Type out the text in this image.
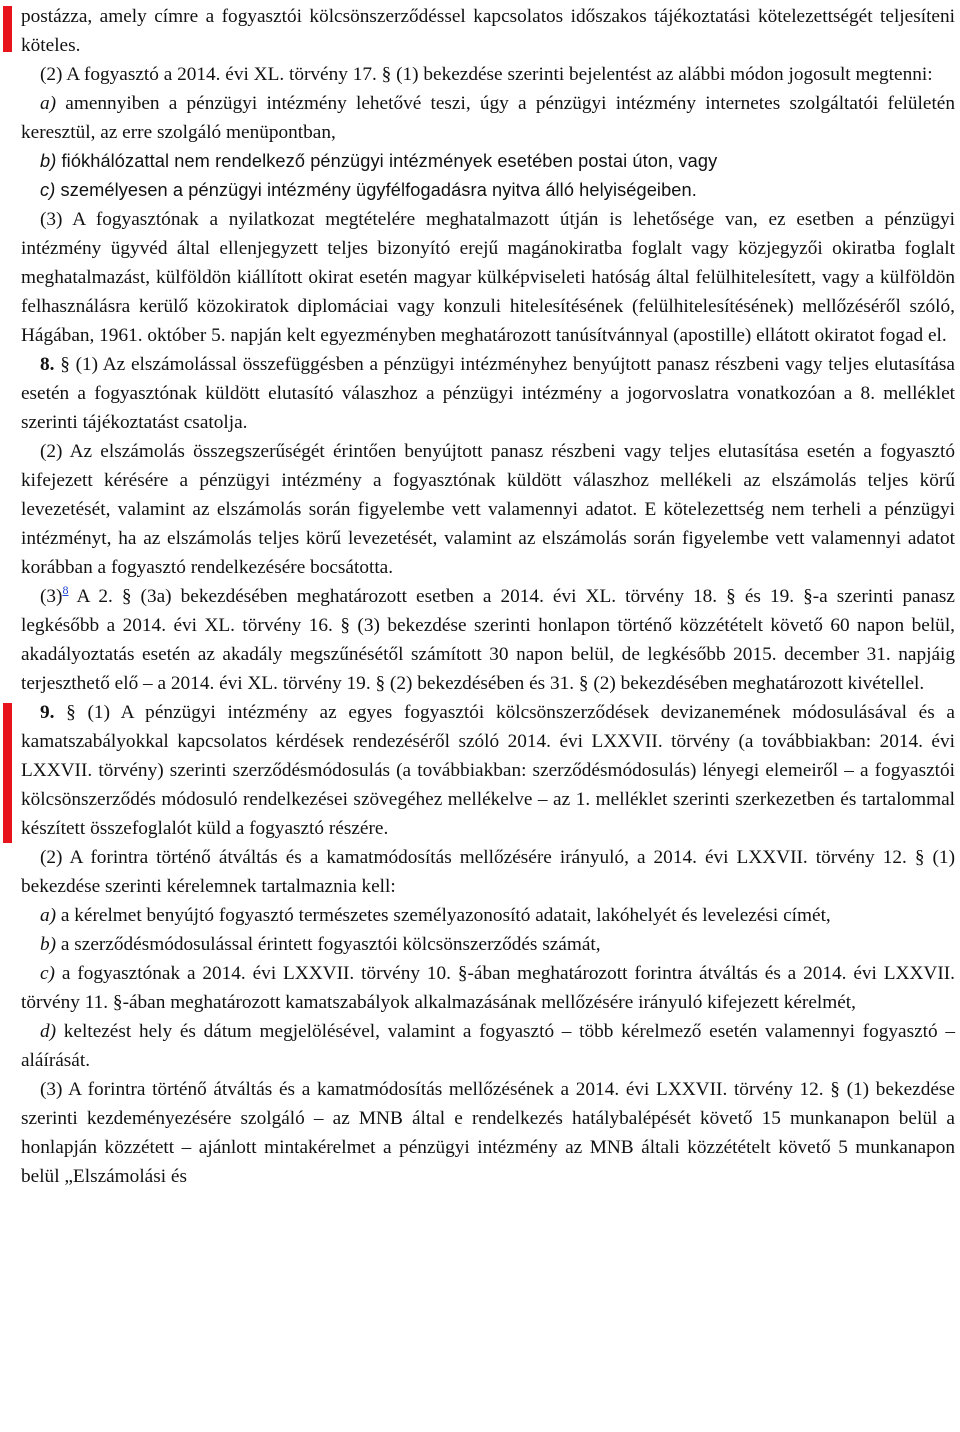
postázza, amely címre a fogyasztói kölcsönszerződéssel kapcsolatos időszakos tájékoztatási kötelezettségét teljesíteni köteles.

(2) A fogyasztó a 2014. évi XL. törvény 17. § (1) bekezdése szerinti bejelentést az alábbi módon jogosult megtenni:

a) amennyiben a pénzügyi intézmény lehetővé teszi, úgy a pénzügyi intézmény internetes szolgáltatói felületén keresztül, az erre szolgáló menüpontban,

b) fiókhálózattal nem rendelkező pénzügyi intézmények esetében postai úton, vagy

c) személyesen a pénzügyi intézmény ügyfélfogadásra nyitva álló helyiségeiben.

(3) A fogyasztónak a nyilatkozat megtételére meghatalmazott útján is lehetősége van, ez esetben a pénzügyi intézmény ügyvéd által ellenjegyzett teljes bizonyító erejű magánokiratba foglalt vagy közjegyzői okiratba foglalt meghatalmazást, külföldön kiállított okirat esetén magyar külképviseleti hatóság által felülhitelesített, vagy a külföldön felhasználásra kerülő közokiratok diplomáciai vagy konzuli hitelesítésének (felülhitelesítésének) mellőzéséről szóló, Hágában, 1961. október 5. napján kelt egyezményben meghatározott tanúsítvánnyal (apostille) ellátott okiratot fogad el.

8. § (1) Az elszámolással összefüggésben a pénzügyi intézményhez benyújtott panasz részbeni vagy teljes elutasítása esetén a fogyasztónak küldött elutasító válaszhoz a pénzügyi intézmény a jogorvoslatra vonatkozóan a 8. melléklet szerinti tájékoztatást csatolja.

(2) Az elszámolás összegszerűségét érintően benyújtott panasz részbeni vagy teljes elutasítása esetén a fogyasztó kifejezett kérésére a pénzügyi intézmény a fogyasztónak küldött válaszhoz mellékeli az elszámolás teljes körű levezetését, valamint az elszámolás során figyelembe vett valamennyi adatot. E kötelezettség nem terheli a pénzügyi intézményt, ha az elszámolás teljes körű levezetését, valamint az elszámolás során figyelembe vett valamennyi adatot korábban a fogyasztó rendelkezésére bocsátotta.

$(3)^8$ A 2. § (3a) bekezdésében meghatározott esetben a 2014. évi XL. törvény 18. § és 19. §-a szerinti panasz legkésőbb a 2014. évi XL. törvény 16. § (3) bekezdése szerinti honlapon történő közzétételt követő 60 napon belül, akadályoztatás esetén az akadály megszűnésétől számított 30 napon belül, de legkésőbb 2015. december 31. napjáig terjeszthető elő – a 2014. évi XL. törvény 19. § (2) bekezdésében és 31. § (2) bekezdésében meghatározott kivétellel.

9. § (1) A pénzügyi intézmény az egyes fogyasztói kölcsönszerződések devizanemének módosulásával és a kamatszabályokkal kapcsolatos kérdések rendezéséről szóló 2014. évi LXXVII. törvény (a továbbiakban: 2014. évi LXXVII. törvény) szerinti szerződésmódosulás (a továbbiakban: szerződésmódosulás) lényegi elemeiről – a fogyasztói kölcsönszerződés módosuló rendelkezései szövegéhez mellékelve – az 1. melléklet szerinti szerkezetben és tartalommal készített összefoglalót küld a fogyasztó részére.

(2) A forintra történő átváltás és a kamatmódosítás mellőzésére irányuló, a 2014. évi LXXVII. törvény 12. § (1) bekezdése szerinti kérelemnek tartalmaznia kell:

a) a kérelmet benyújtó fogyasztó természetes személyazonosító adatait, lakóhelyét és levelezési címét,

b) a szerződésmódosulással érintett fogyasztói kölcsönszerződés számát,

c) a fogyasztónak a 2014. évi LXXVII. törvény 10. §-ában meghatározott forintra átváltás és a 2014. évi LXXVII. törvény 11. §-ában meghatározott kamatszabályok alkalmazásának mellőzésére irányuló kifejezett kérelmét,

d) keltezést hely és dátum megjelölésével, valamint a fogyasztó – több kérelmező esetén valamennyi fogyasztó – aláírását.

(3) A forintra történő átváltás és a kamatmódosítás mellőzésének a 2014. évi LXXVII. törvény 12. § (1) bekezdése szerinti kezdeményezésére szolgáló – az MNB által e rendelkezés hatálybalépését követő 15 munkanapon belül a honlapján közzétett – ajánlott mintakérelmet a pénzügyi intézmény az MNB általi közzétételt követő 5 munkanapon belül „Elszámolási és
